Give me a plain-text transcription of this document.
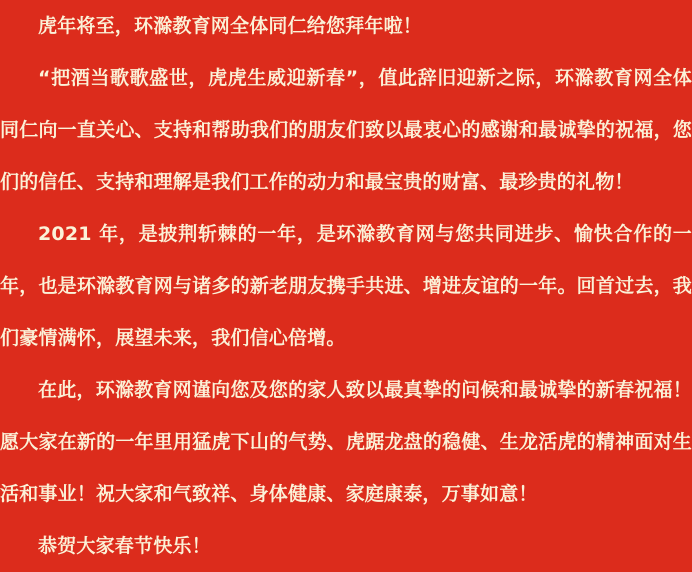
虎年将至，环滁教育网全体同仁给您拜年啦！

“把酒当歌歌盛世，虎虎生威迎新春”，值此辞旧迎新之际，环滁教育网全体同仁向一直关心、支持和帮助我们的朋友们致以最衷心的感谢和最诚挚的祝福，您们的信任、支持和理解是我们工作的动力和最宝贵的财富、最珍贵的礼物！

2021 年，是披荆斩棘的一年，是环滁教育网与您共同进步、愉快合作的一年，也是环滁教育网与诸多的新老朋友携手共进、增进友谊的一年。回首过去，我们豪情满怀，展望未来，我们信心倍增。

在此，环滁教育网谨向您及您的家人致以最真挚的问候和最诚挚的新春祝福！愿大家在新的一年里用猛虎下山的气势、虎踞龙盘的稳健、生龙活虎的精神面对生活和事业！祝大家和气致祥、身体健康、家庭康泰，万事如意！

恭贺大家春节快乐！
